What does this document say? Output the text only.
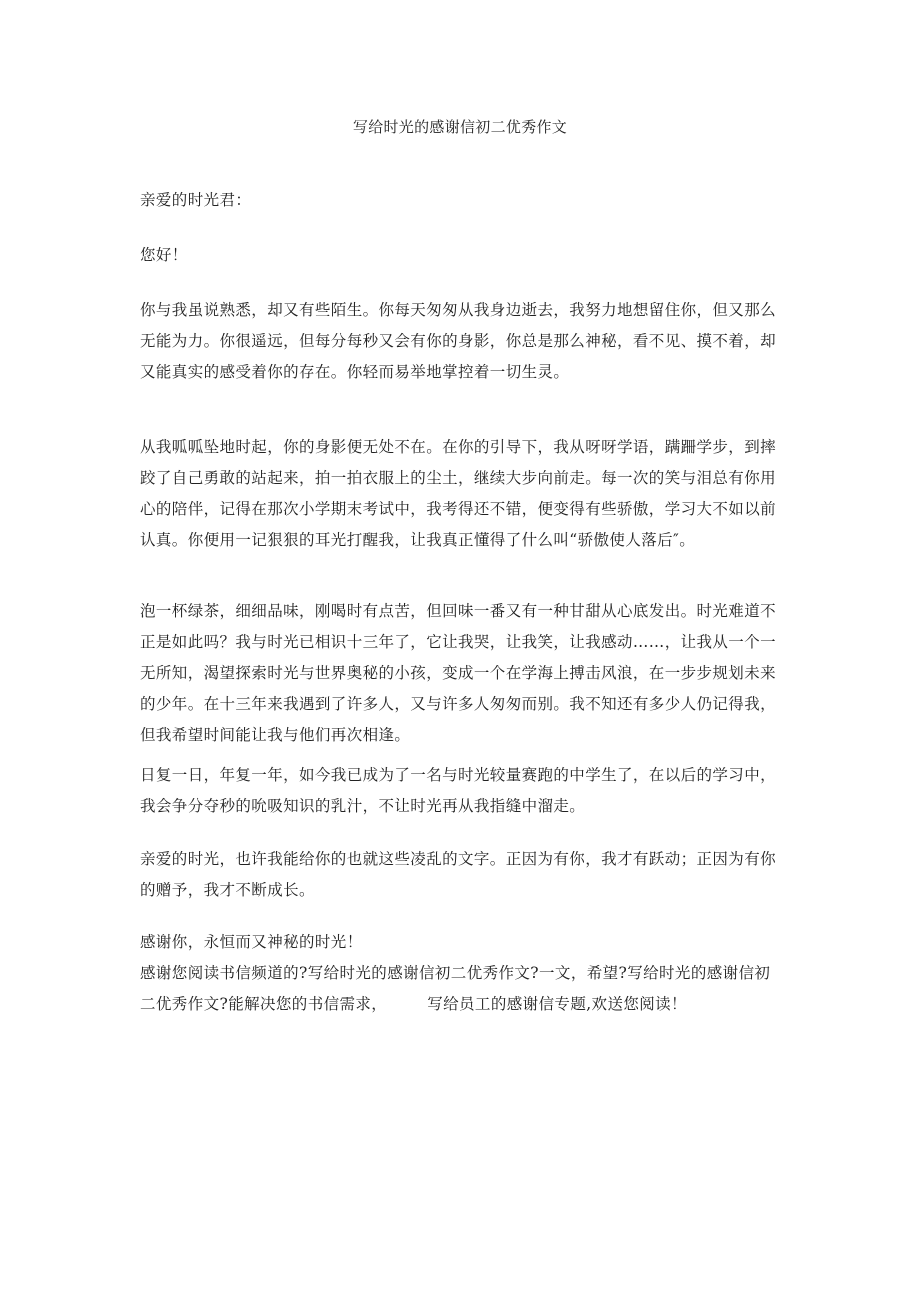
写给时光的感谢信初二优秀作文
亲爱的时光君：
您好！
你与我虽说熟悉，却又有些陌生。你每天匆匆从我身边逝去，我努力地想留住你，但又那么
无能为力。你很遥远，但每分每秒又会有你的身影，你总是那么神秘，看不见、摸不着，却
又能真实的感受着你的存在。你轻而易举地掌控着一切生灵。
从我呱呱坠地时起，你的身影便无处不在。在你的引导下，我从呀呀学语，蹒跚学步，到摔
跤了自己勇敢的站起来，拍一拍衣服上的尘土，继续大步向前走。每一次的笑与泪总有你用
心的陪伴，记得在那次小学期末考试中，我考得还不错，便变得有些骄傲，学习大不如以前
认真。你便用一记狠狠的耳光打醒我，让我真正懂得了什么叫“骄傲使人落后″。
泡一杯绿茶，细细品味，刚喝时有点苦，但回味一番又有一种甘甜从心底发出。时光难道不
正是如此吗？我与时光已相识十三年了，它让我哭，让我笑，让我感动……，让我从一个一
无所知，渴望探索时光与世界奥秘的小孩，变成一个在学海上搏击风浪，在一步步规划未来
的少年。在十三年来我遇到了许多人，又与许多人匆匆而别。我不知还有多少人仍记得我，
但我希望时间能让我与他们再次相逢。
日复一日，年复一年，如今我已成为了一名与时光较量赛跑的中学生了，在以后的学习中，
我会争分夺秒的吮吸知识的乳汁，不让时光再从我指缝中溜走。
亲爱的时光，也许我能给你的也就这些凌乱的文字。正因为有你，我才有跃动；正因为有你
的赠予，我才不断成长。
感谢你，永恒而又神秘的时光！
感谢您阅读书信频道的?写给时光的感谢信初二优秀作文?一文，希望?写给时光的感谢信初
二优秀作文?能解决您的书信需求，	写给员工的感谢信专题,欢送您阅读！
